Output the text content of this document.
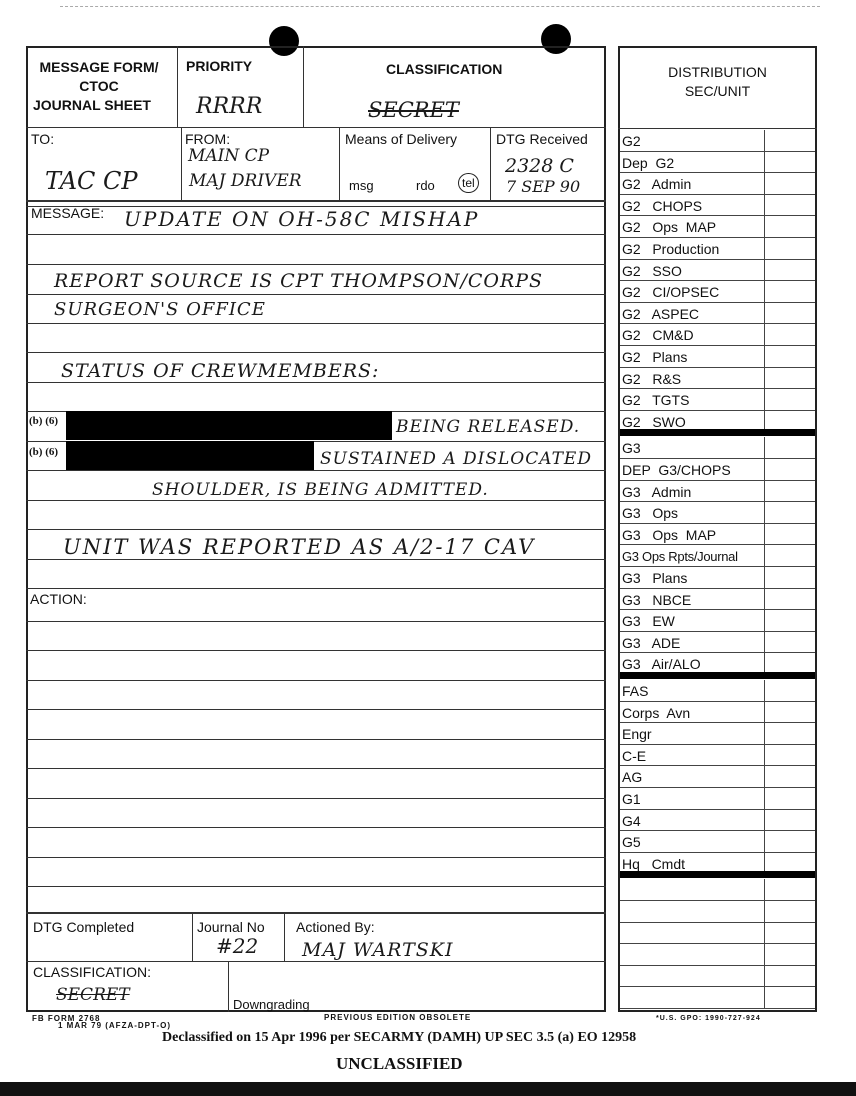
MESSAGE FORM/
CTOC
JOURNAL SHEET
PRIORITY
RRRR
CLASSIFICATION
SECRET
TO:
TAC CP
FROM:
MAIN CP
MAJ DRIVER
Means of Delivery
msg	rdo	tel
DTG Received
2328 C
7 SEP 90
MESSAGE: UPDATE ON OH-58C MISHAP
REPORT SOURCE IS CPT THOMPSON/CORPS
SURGEON'S OFFICE
STATUS OF CREWMEMBERS:
(b) (6)	BEING RELEASED.
(b) (6)	SUSTAINED A DISLOCATED
SHOULDER, IS BEING ADMITTED.
UNIT WAS REPORTED AS A/2-17 CAV
ACTION:
DTG Completed	Journal No
#22
Actioned By:
MAJ WARTSKI
CLASSIFICATION:
SECRET	Downgrading
DISTRIBUTION
SEC/UNIT
G2
Dep  G2
G2   Admin
G2   CHOPS
G2   Ops  MAP
G2   Production
G2   SSO
G2   CI/OPSEC
G2   ASPEC
G2   CM&D
G2   Plans
G2   R&S
G2   TGTS
G2   SWO
G3
DEP  G3/CHOPS
G3   Admin
G3   Ops
G3   Ops  MAP
G3 Ops Rpts/Journal
G3   Plans
G3   NBCE
G3   EW
G3   ADE
G3   Air/ALO
FAS
Corps  Avn
Engr
C-E
AG
G1
G4
G5
Hq   Cmdt
FB FORM 2768
1 MAR 79 (AFZA-DPT-O)
PREVIOUS EDITION OBSOLETE	*U.S. GPO: 1990-727-924
Declassified on 15 Apr 1996 per SECARMY (DAMH) UP SEC 3.5 (a) EO 12958
UNCLASSIFIED
